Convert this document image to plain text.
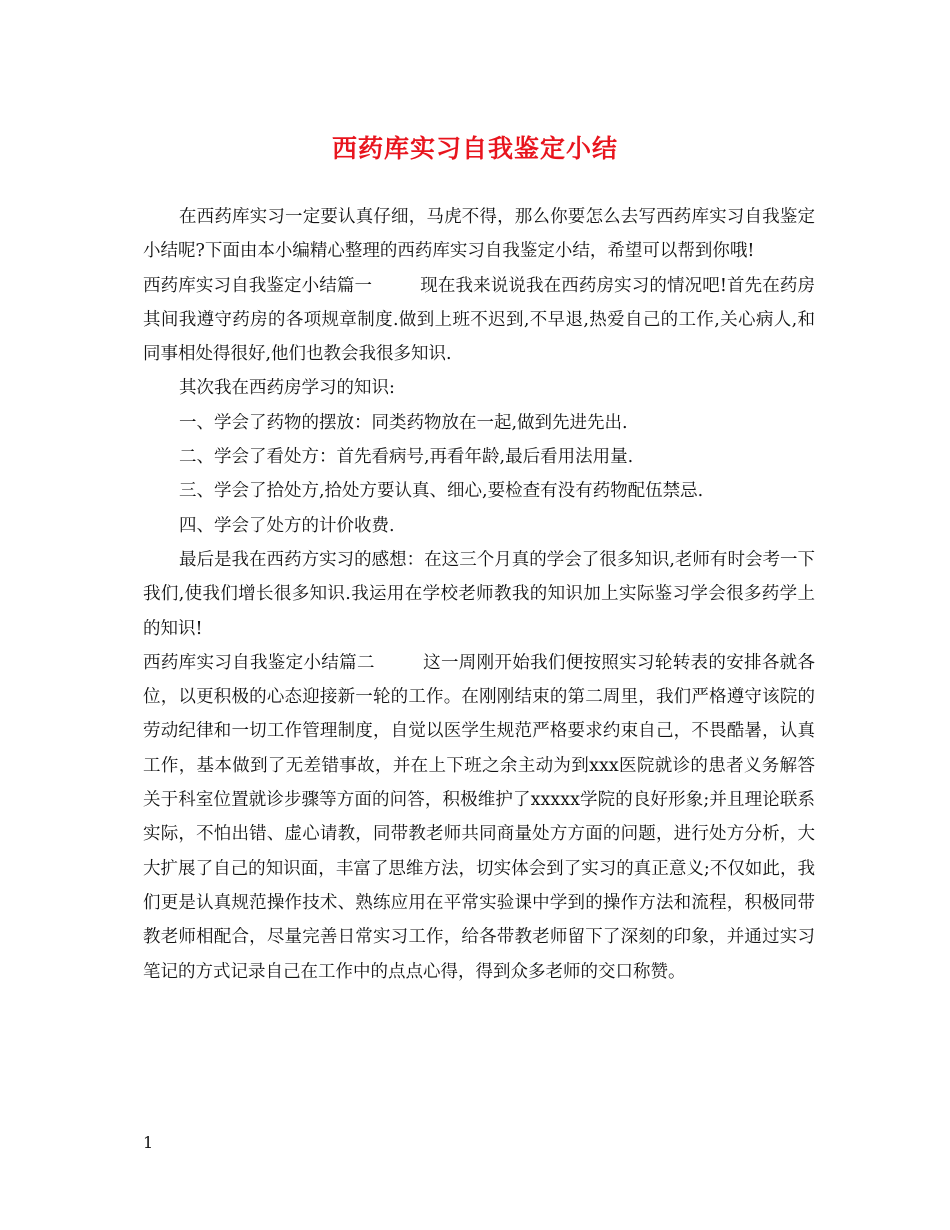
西药库实习自我鉴定小结

在西药库实习一定要认真仔细，马虎不得，那么你要怎么去写西药库实习自我鉴定小结呢?下面由本小编精心整理的西药库实习自我鉴定小结，希望可以帮到你哦!

西药库实习自我鉴定小结篇一	现在我来说说我在西药房实习的情况吧!首先在药房其间我遵守药房的各项规章制度.做到上班不迟到,不早退,热爱自己的工作,关心病人,和同事相处得很好,他们也教会我很多知识.

其次我在西药房学习的知识:

一、学会了药物的摆放：同类药物放在一起,做到先进先出.

二、学会了看处方：首先看病号,再看年龄,最后看用法用量.

三、学会了拾处方,拾处方要认真、细心,要检查有没有药物配伍禁忌.

四、学会了处方的计价收费.

最后是我在西药方实习的感想：在这三个月真的学会了很多知识,老师有时会考一下我们,使我们增长很多知识.我运用在学校老师教我的知识加上实际鉴习学会很多药学上的知识!

西药库实习自我鉴定小结篇二	这一周刚开始我们便按照实习轮转表的安排各就各位，以更积极的心态迎接新一轮的工作。在刚刚结束的第二周里，我们严格遵守该院的劳动纪律和一切工作管理制度，自觉以医学生规范严格要求约束自己，不畏酷暑，认真工作，基本做到了无差错事故，并在上下班之余主动为到xxx医院就诊的患者义务解答关于科室位置就诊步骤等方面的问答，积极维护了xxxxx学院的良好形象;并且理论联系实际，不怕出错、虚心请教，同带教老师共同商量处方方面的问题，进行处方分析，大大扩展了自己的知识面，丰富了思维方法，切实体会到了实习的真正意义;不仅如此，我们更是认真规范操作技术、熟练应用在平常实验课中学到的操作方法和流程，积极同带教老师相配合，尽量完善日常实习工作，给各带教老师留下了深刻的印象，并通过实习笔记的方式记录自己在工作中的点点心得，得到众多老师的交口称赞。

1
